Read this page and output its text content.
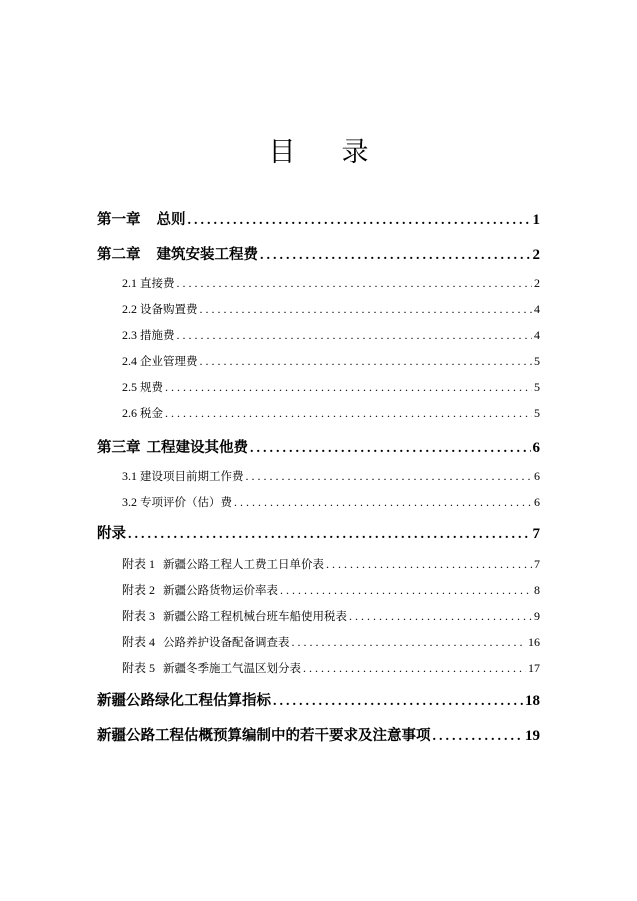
目 录
第一章 总则 .....	1
第二章 建筑安装工程费 .....	2
2.1 直接费 .....	2
2.2 设备购置费 .....	4
2.3 措施费 .....	4
2.4 企业管理费 .....	5
2.5 规费 .....	5
2.6 税金 .....	5
第三章 工程建设其他费 .....	6
3.1 建设项目前期工作费 .....	6
3.2 专项评价（估）费 .....	6
附录 .....	7
附表 1 新疆公路工程人工费工日单价表 .....	7
附表 2 新疆公路货物运价率表 .....	8
附表 3 新疆公路工程机械台班车船使用税表 .....	9
附表 4 公路养护设备配备调查表 .....	16
附表 5 新疆冬季施工气温区划分表 .....	17
新疆公路绿化工程估算指标 .....	18
新疆公路工程估概预算编制中的若干要求及注意事项 .....	19
